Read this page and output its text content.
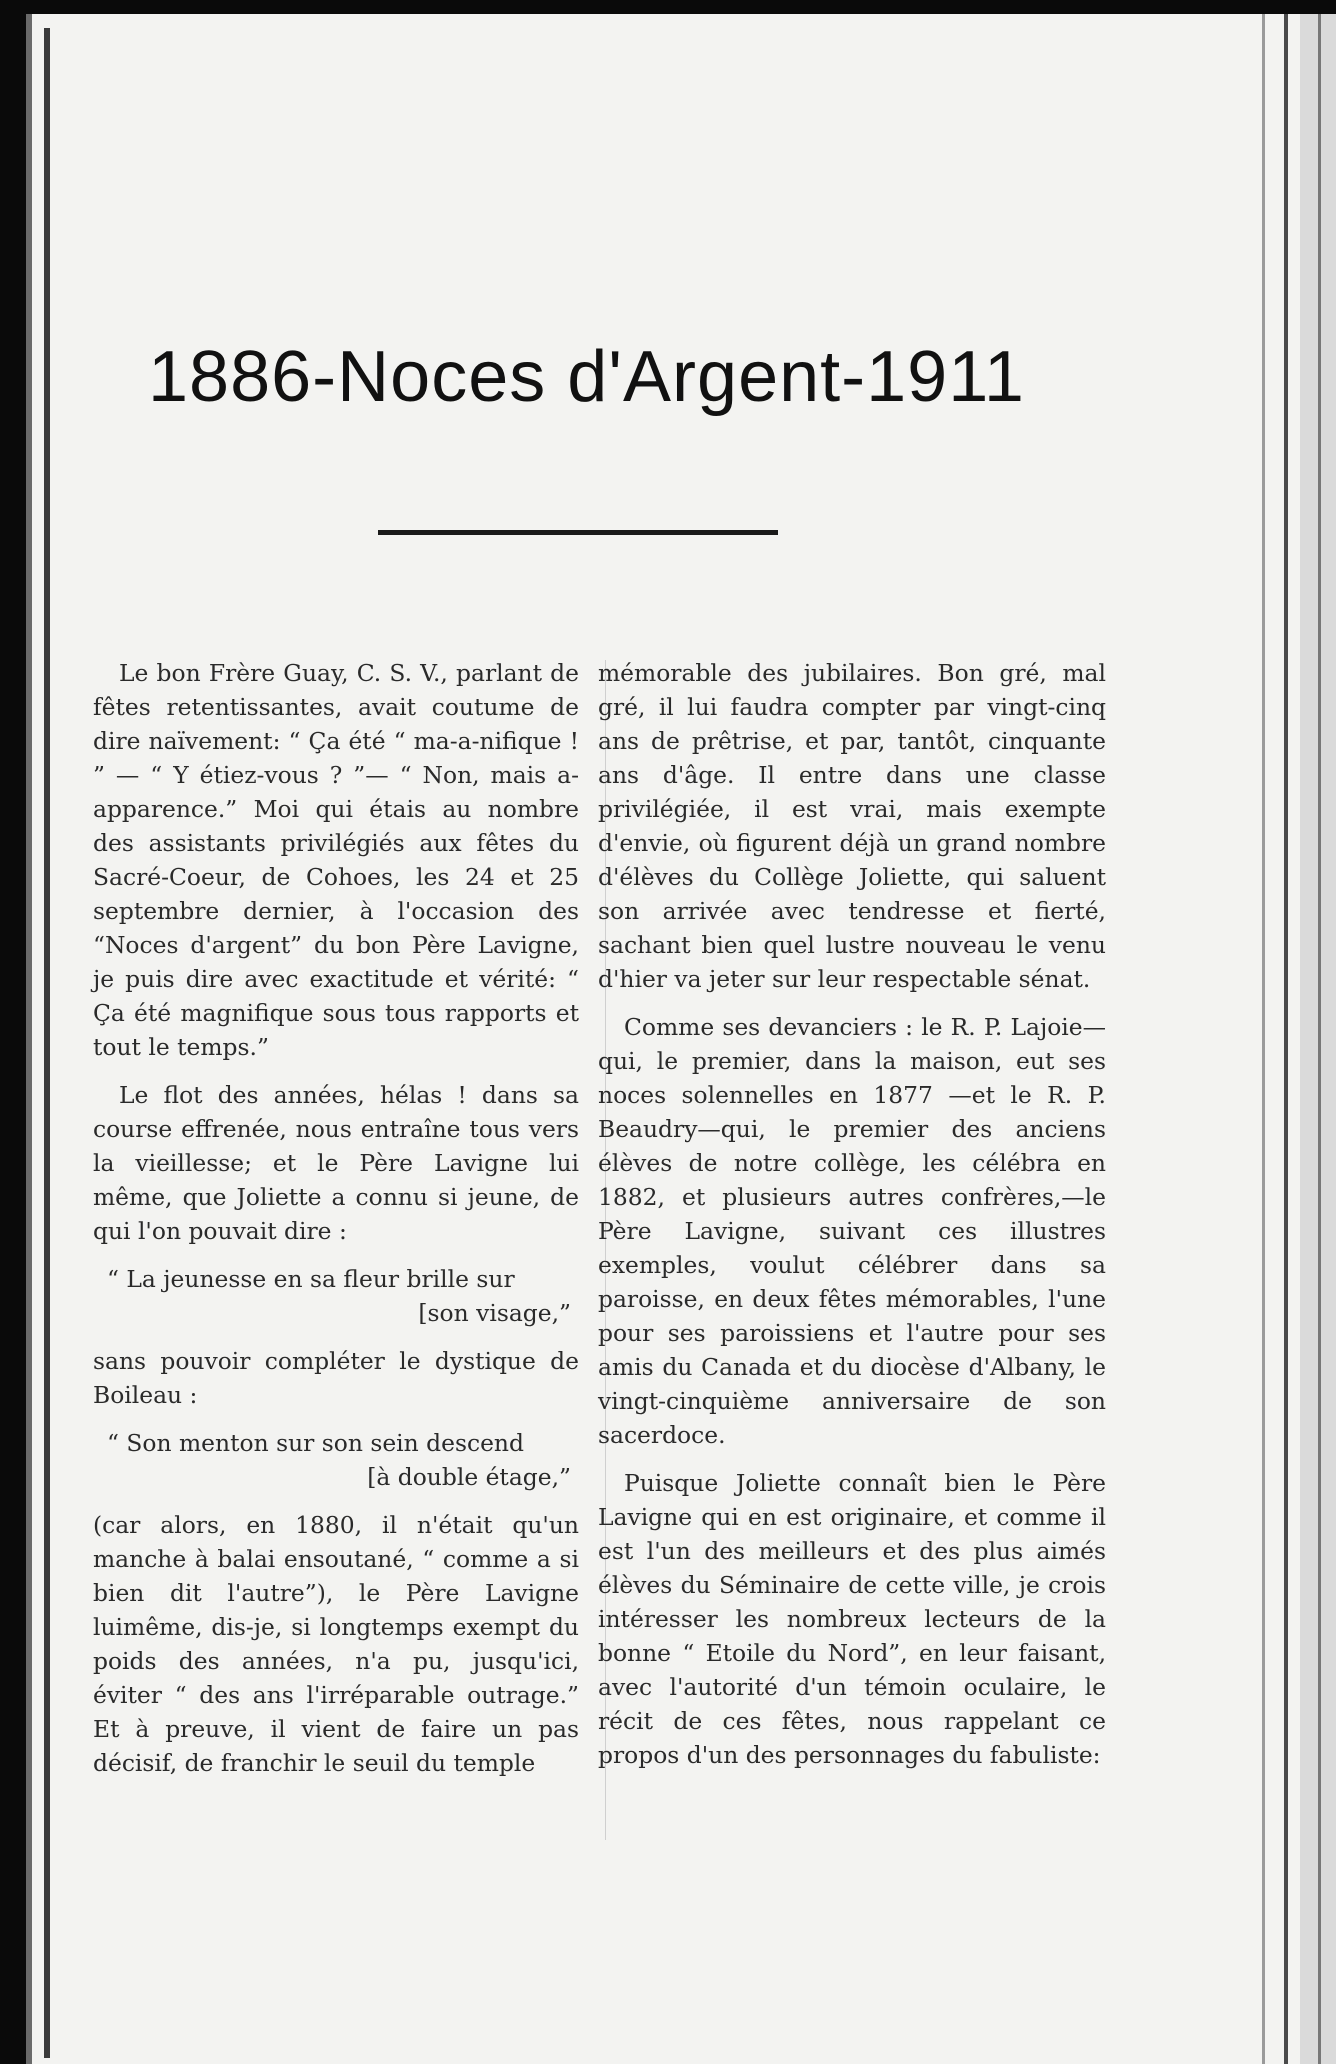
1886-Noces d'Argent-1911

Le bon Frère Guay, C. S. V., parlant de fêtes retentissantes, avait coutume de dire naïvement: “ Ça été “ ma-a-nifique ! ” — “ Y étiez-vous ? ”— “ Non, mais a-apparence.” Moi qui étais au nombre des assistants privilégiés aux fêtes du Sacré-Coeur, de Cohoes, les 24 et 25 septembre dernier, à l'occasion des “Noces d'argent” du bon Père Lavigne, je puis dire avec exactitude et vérité: “ Ça été magnifique sous tous rapports et tout le temps.”

Le flot des années, hélas ! dans sa course effrenée, nous entraîne tous vers la vieillesse; et le Père Lavigne lui même, que Joliette a connu si jeune, de qui l'on pouvait dire :

“ La jeunesse en sa fleur brille sur
[son visage,”

sans pouvoir compléter le dystique de Boileau :

“ Son menton sur son sein descend
[à double étage,”

(car alors, en 1880, il n'était qu'un manche à balai ensoutané, “ comme a si bien dit l'autre”), le Père Lavigne luimême, dis-je, si longtemps exempt du poids des années, n'a pu, jusqu'ici, éviter “ des ans l'irréparable outrage.” Et à preuve, il vient de faire un pas décisif, de franchir le seuil du temple

mémorable des jubilaires. Bon gré, mal gré, il lui faudra compter par vingt-cinq ans de prêtrise, et par, tantôt, cinquante ans d'âge. Il entre dans une classe privilégiée, il est vrai, mais exempte d'envie, où figurent déjà un grand nombre d'élèves du Collège Joliette, qui saluent son arrivée avec tendresse et fierté, sachant bien quel lustre nouveau le venu d'hier va jeter sur leur respectable sénat.

Comme ses devanciers : le R. P. Lajoie—qui, le premier, dans la maison, eut ses noces solennelles en 1877 —et le R. P. Beaudry—qui, le premier des anciens élèves de notre collège, les célébra en 1882, et plusieurs autres confrères,—le Père Lavigne, suivant ces illustres exemples, voulut célébrer dans sa paroisse, en deux fêtes mémorables, l'une pour ses paroissiens et l'autre pour ses amis du Canada et du diocèse d'Albany, le vingt-cinquième anniversaire de son sacerdoce.

Puisque Joliette connaît bien le Père Lavigne qui en est originaire, et comme il est l'un des meilleurs et des plus aimés élèves du Séminaire de cette ville, je crois intéresser les nombreux lecteurs de la bonne “ Etoile du Nord”, en leur faisant, avec l'autorité d'un témoin oculaire, le récit de ces fêtes, nous rappelant ce propos d'un des personnages du fabuliste:
